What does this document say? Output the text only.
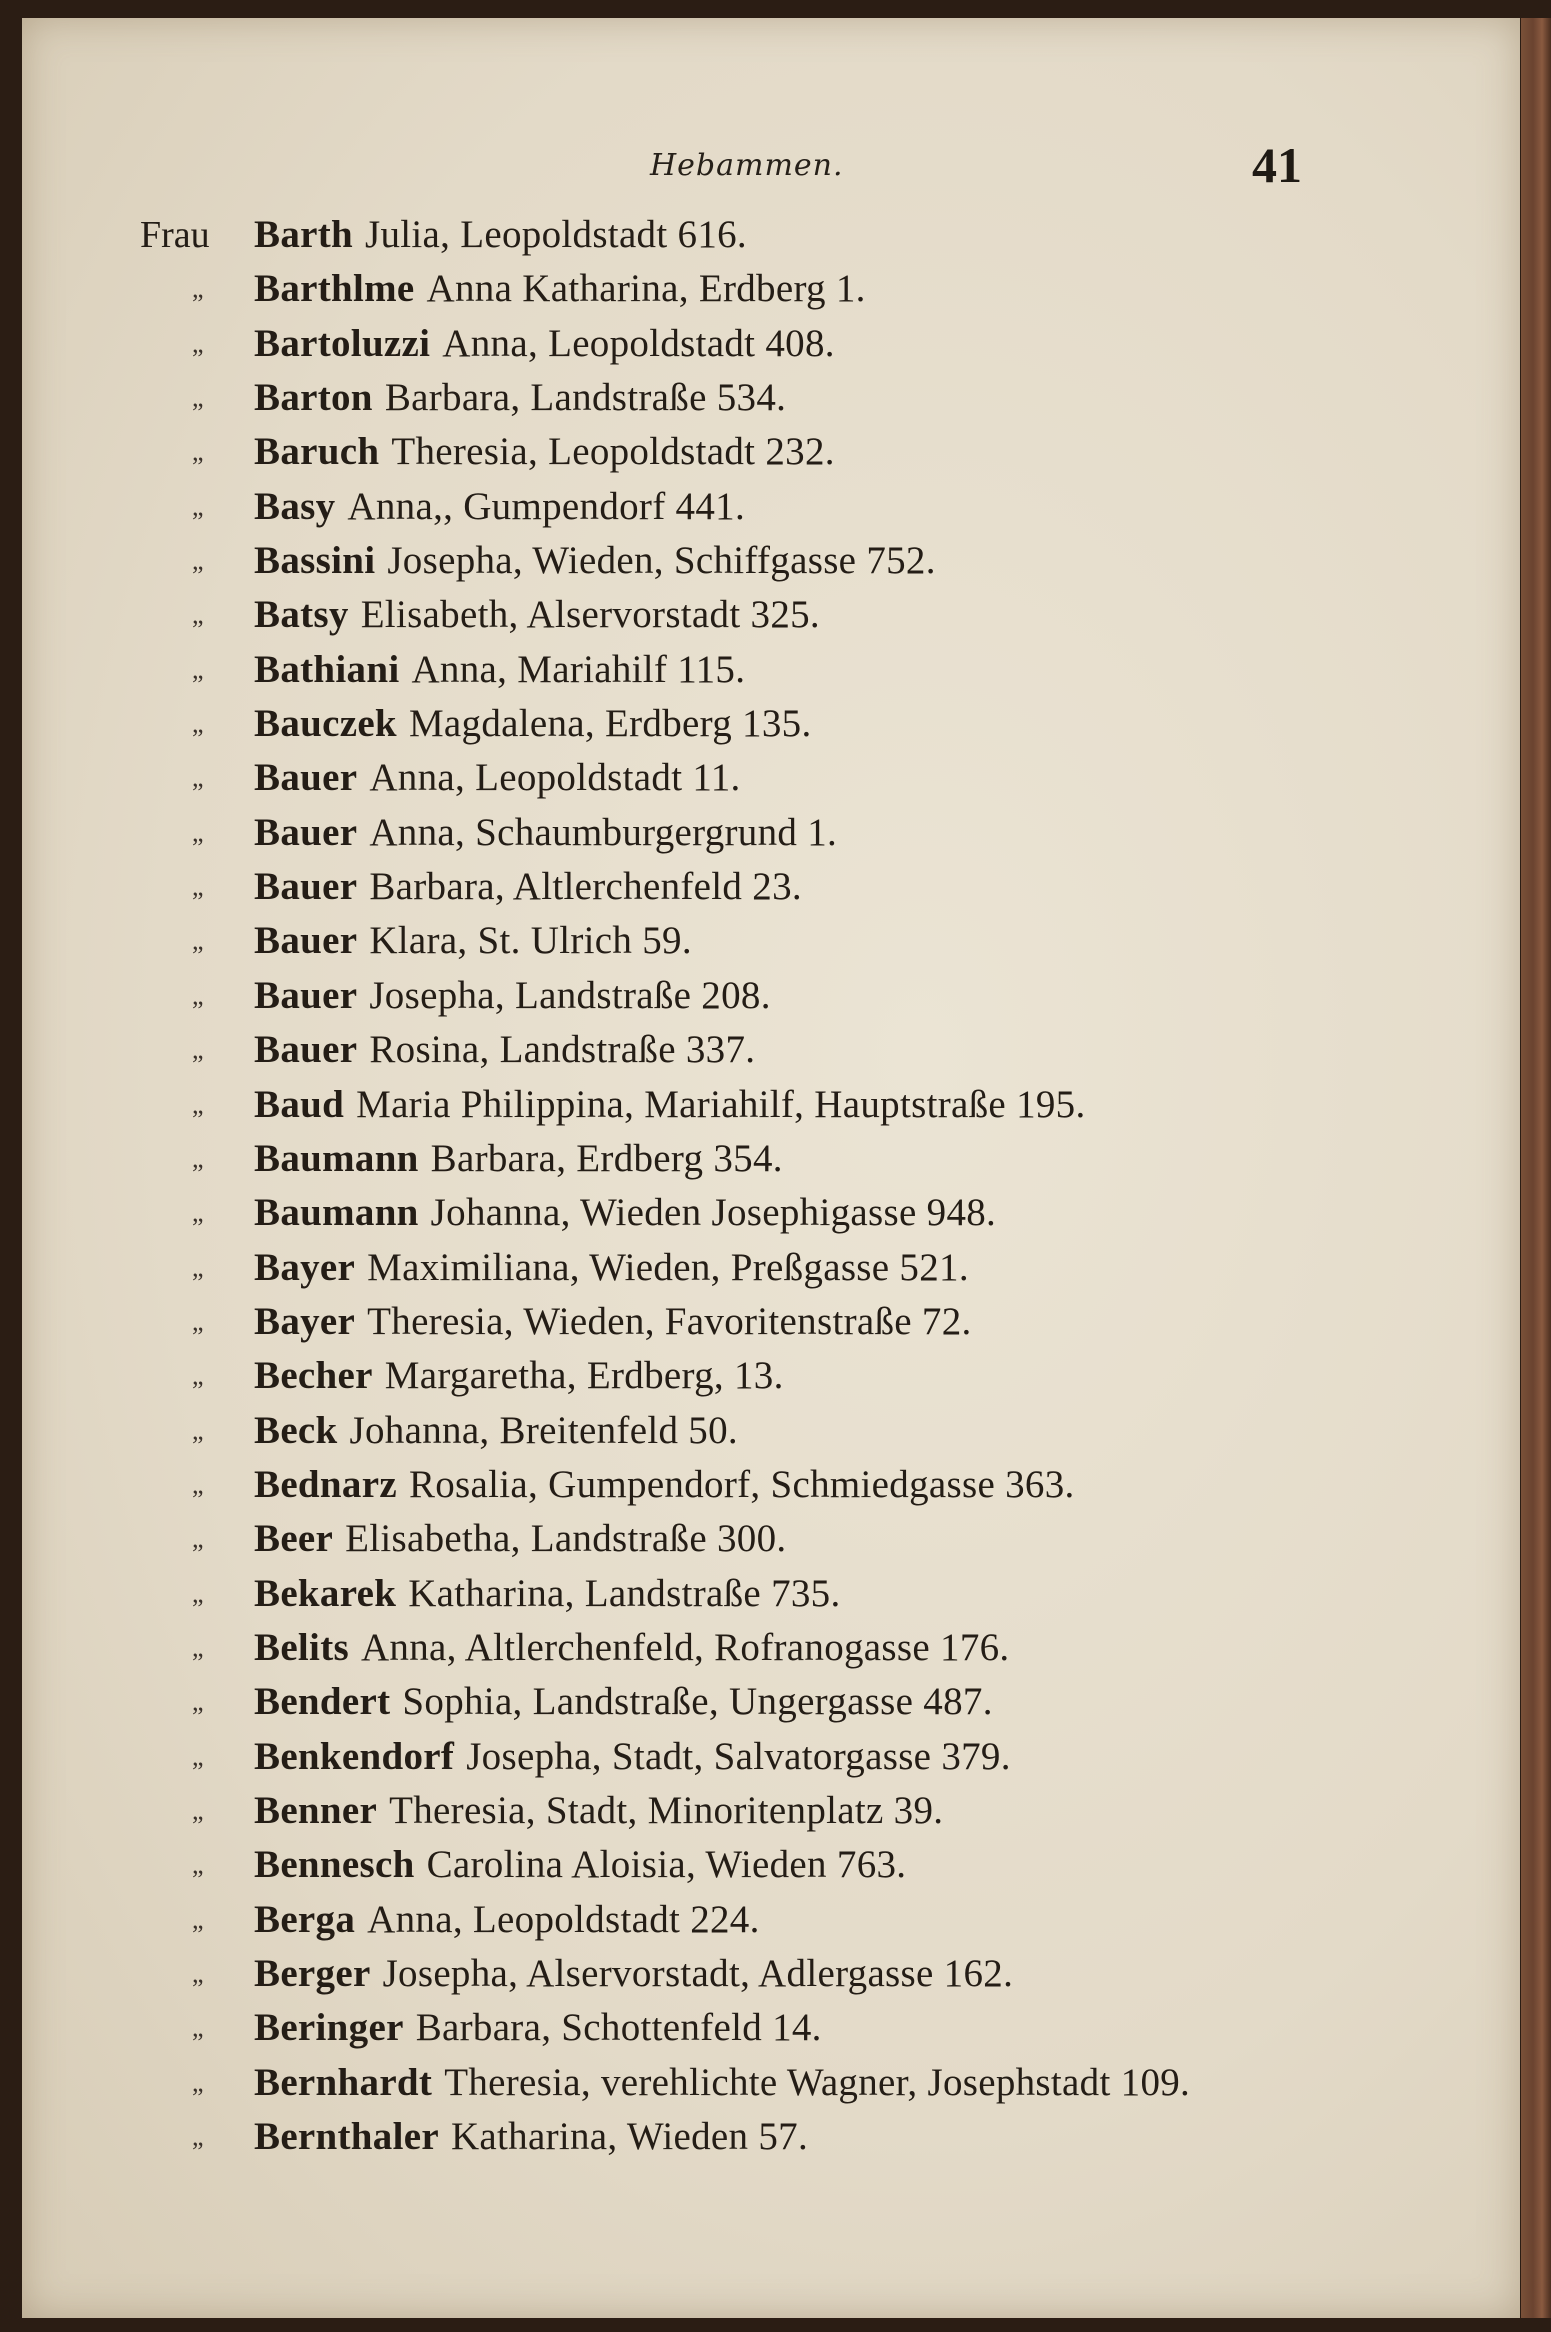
Hebammen.	41
Frau	Barth Julia, Leopoldstadt 616.
„	Barthlme Anna Katharina, Erdberg 1.
„	Bartoluzzi Anna, Leopoldstadt 408.
„	Barton Barbara, Landstraße 534.
„	Baruch Theresia, Leopoldstadt 232.
„	Basy Anna,, Gumpendorf 441.
„	Bassini Josepha, Wieden, Schiffgasse 752.
„	Batsy Elisabeth, Alservorstadt 325.
„	Bathiani Anna, Mariahilf 115.
„	Bauczek Magdalena, Erdberg 135.
„	Bauer Anna, Leopoldstadt 11.
„	Bauer Anna, Schaumburgergrund 1.
„	Bauer Barbara, Altlerchenfeld 23.
„	Bauer Klara, St. Ulrich 59.
„	Bauer Josepha, Landstraße 208.
„	Bauer Rosina, Landstraße 337.
„	Baud Maria Philippina, Mariahilf, Hauptstraße 195.
„	Baumann Barbara, Erdberg 354.
„	Baumann Johanna, Wieden Josephigasse 948.
„	Bayer Maximiliana, Wieden, Preßgasse 521.
„	Bayer Theresia, Wieden, Favoritenstraße 72.
„	Becher Margaretha, Erdberg, 13.
„	Beck Johanna, Breitenfeld 50.
„	Bednarz Rosalia, Gumpendorf, Schmiedgasse 363.
„	Beer Elisabetha, Landstraße 300.
„	Bekarek Katharina, Landstraße 735.
„	Belits Anna, Altlerchenfeld, Rofranogasse 176.
„	Bendert Sophia, Landstraße, Ungergasse 487.
„	Benkendorf Josepha, Stadt, Salvatorgasse 379.
„	Benner Theresia, Stadt, Minoritenplatz 39.
„	Bennesch Carolina Aloisia, Wieden 763.
„	Berga Anna, Leopoldstadt 224.
„	Berger Josepha, Alservorstadt, Adlergasse 162.
„	Beringer Barbara, Schottenfeld 14.
„	Bernhardt Theresia, verehlichte Wagner, Josephstadt 109.
„	Bernthaler Katharina, Wieden 57.
